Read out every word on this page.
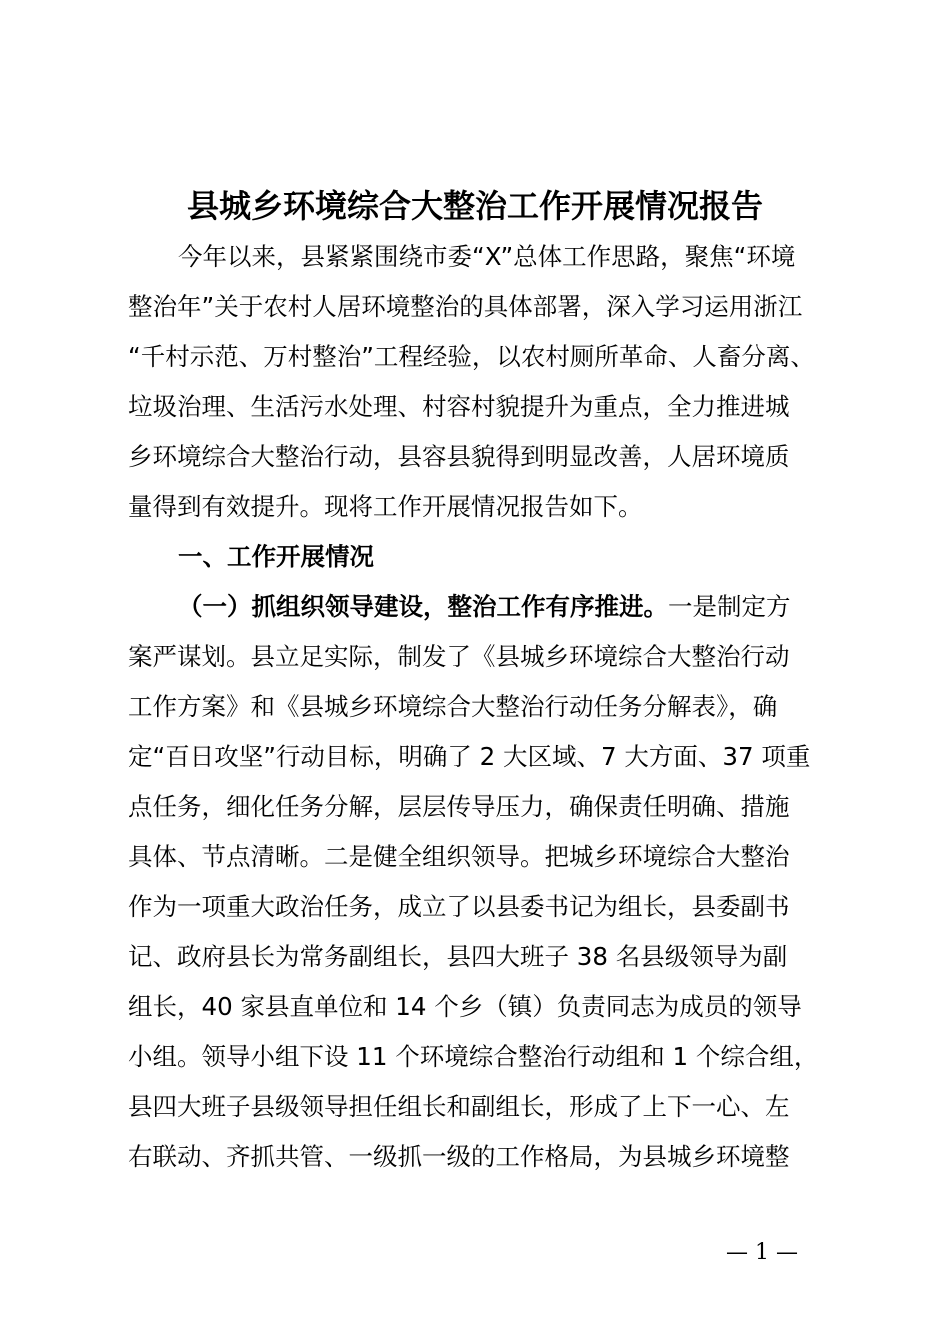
县城乡环境综合大整治工作开展情况报告
今年以来，县紧紧围绕市委“X”总体工作思路，聚焦“环境
整治年”关于农村人居环境整治的具体部署，深入学习运用浙江
“千村示范、万村整治”工程经验，以农村厕所革命、人畜分离、
垃圾治理、生活污水处理、村容村貌提升为重点，全力推进城
乡环境综合大整治行动，县容县貌得到明显改善，人居环境质
量得到有效提升。现将工作开展情况报告如下。
一、工作开展情况
（一）抓组织领导建设，整治工作有序推进。一是制定方
案严谋划。县立足实际，制发了《县城乡环境综合大整治行动
工作方案》和《县城乡环境综合大整治行动任务分解表》，确
定“百日攻坚”行动目标，明确了 2 大区域、7 大方面、37 项重
点任务，细化任务分解，层层传导压力，确保责任明确、措施
具体、节点清晰。二是健全组织领导。把城乡环境综合大整治
作为一项重大政治任务，成立了以县委书记为组长，县委副书
记、政府县长为常务副组长，县四大班子 38 名县级领导为副
组长，40 家县直单位和 14 个乡（镇）负责同志为成员的领导
小组。领导小组下设 11 个环境综合整治行动组和 1 个综合组，
县四大班子县级领导担任组长和副组长，形成了上下一心、左
右联动、齐抓共管、一级抓一级的工作格局，为县城乡环境整
— 1 —
